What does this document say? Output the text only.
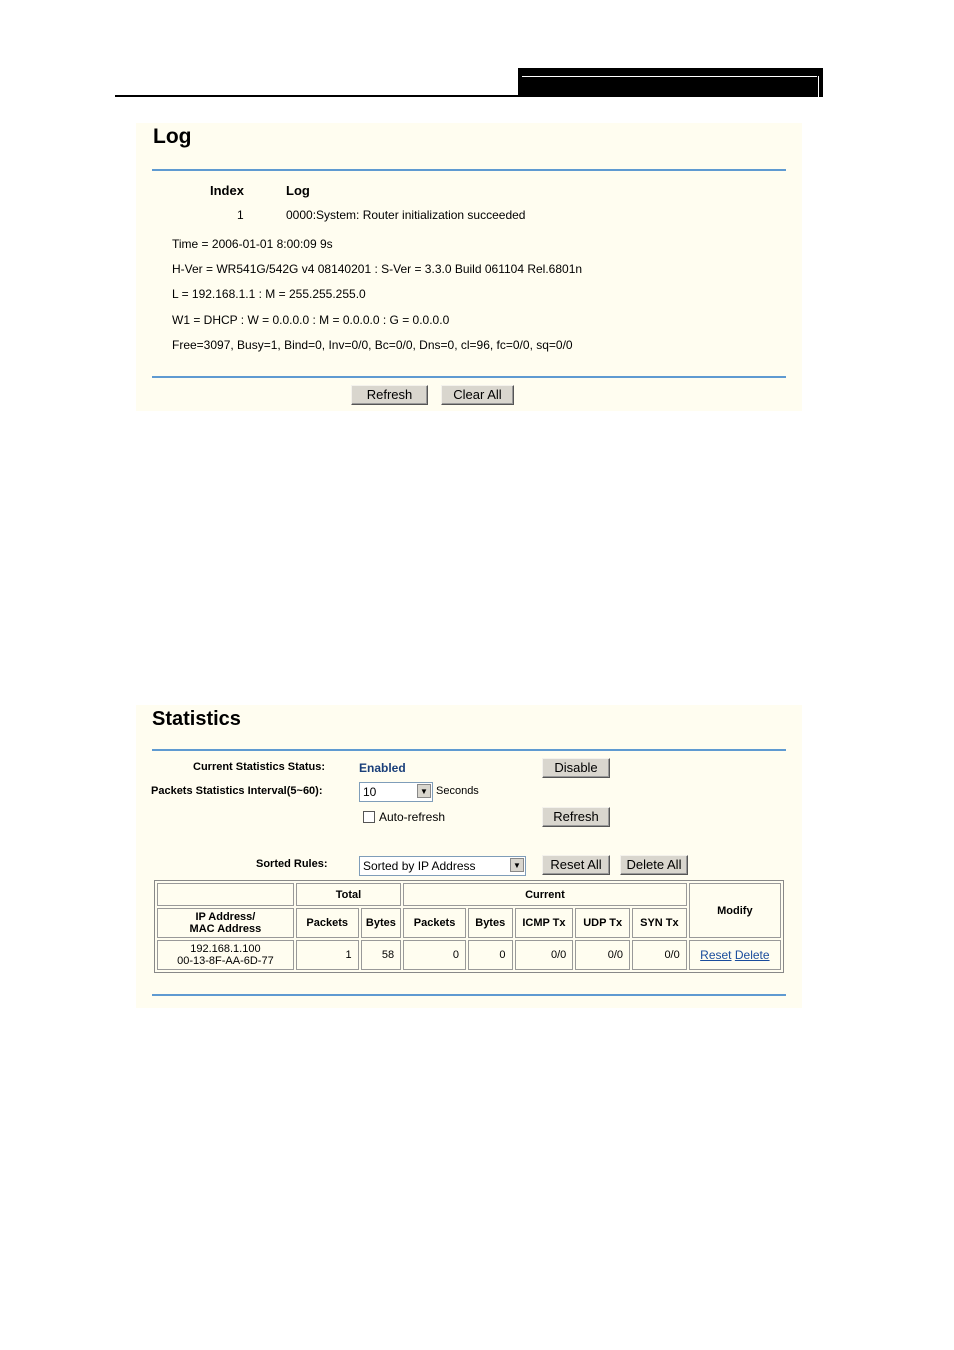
Log
Index	Log
1	0000:System: Router initialization succeeded
Time = 2006-01-01 8:00:09 9s
H-Ver = WR541G/542G v4 08140201 : S-Ver = 3.3.0 Build 061104 Rel.6801n
L = 192.168.1.1 : M = 255.255.255.0
W1 = DHCP : W = 0.0.0.0 : M = 0.0.0.0 : G = 0.0.0.0
Free=3097, Busy=1, Bind=0, Inv=0/0, Bc=0/0, Dns=0, cl=96, fc=0/0, sq=0/0
Refresh	Clear All
Statistics
Current Statistics Status:	Enabled	Disable
Packets Statistics Interval(5~60):	10	▼ Seconds
Auto-refresh	Refresh
Sorted Rules:	Sorted by IP Address	▼	Reset All	Delete All
	Total		Current					Modify

IP Address/
MAC Address	Packets	Bytes	Packets	Bytes	ICMP Tx	UDP Tx	SYN Tx	

192.168.1.100
00-13-8F-AA-6D-77	1	58	0	0	0/0	0/0	0/0	Reset Delete
